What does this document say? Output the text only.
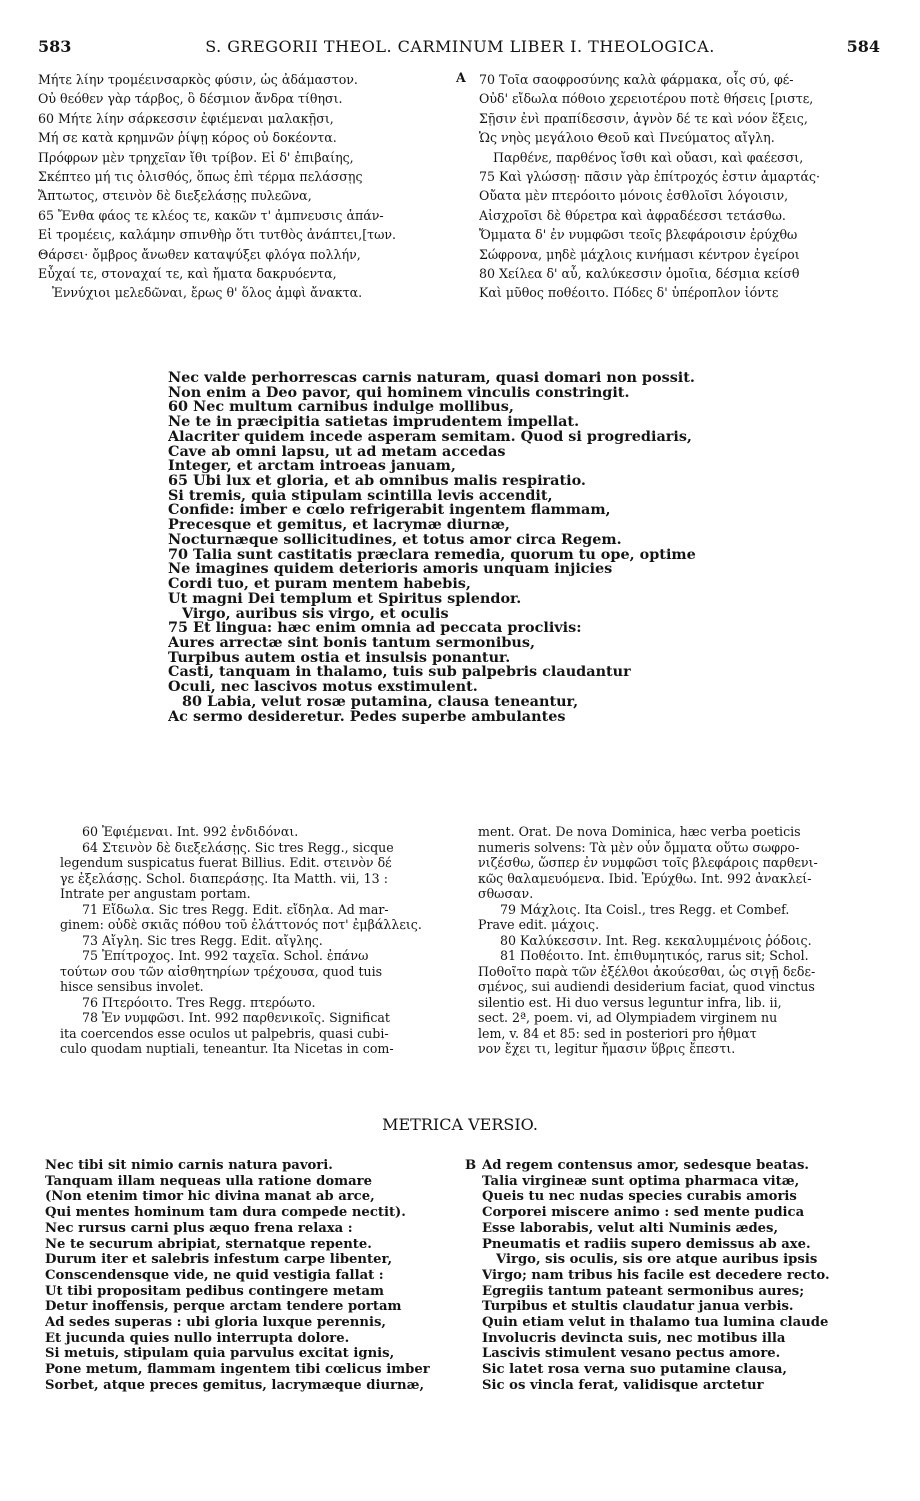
583	S. GREGORII THEOL. CARMINUM LIBER I. THEOLOGICA.	584
Μήτε λίην τρομέεινσαρκὸς φύσιν, ὡς ἀδάμαστον.
Οὐ θεόθεν γὰρ τάρβος, ὃ δέσμιον ἄνδρα τίθησι.
60 Μήτε λίην σάρκεσσιν ἐφιέμεναι μαλακῇσι,
Μή σε κατὰ κρημνῶν ῥίψῃ κόρος οὐ δοκέοντα.
Πρόφρων μὲν τρηχεῖαν ἴθι τρίβον. Εἰ δ' ἐπιβαίης,
Σκέπτεο μή τις ὀλισθός, ὅπως ἐπὶ τέρμα πελάσσῃς
Ἄπτωτος, στεινὸν δὲ διεξελάσῃς πυλεῶνα,
65 Ἔνθα φάος τε κλέος τε, κακῶν τ' ἀμπνευσις ἁπάν-
Εἰ τρομέεις, καλάμην σπινθὴρ ὅτι τυτθὸς ἀνάπτει,[των.
Θάρσει· ὄμβρος ἄνωθεν καταψύξει φλόγα πολλήν,
Εὖχαί τε, στοναχαί τε, καὶ ἤματα δακρυόεντα,
Ἐννύχιοι μελεδῶναι, ἔρως θ' ὅλος ἀμφὶ ἄνακτα.
A 70 Τοῖα σαοφροσύνης καλὰ φάρμακα, οἷς σύ, φέ-
Οὐδ' εἴδωλα πόθοιο χερειοτέρου ποτὲ θήσεις [ριστε,
Σῇσιν ἐνὶ πραπίδεσσιν, ἁγνὸν δέ τε καὶ νόον ἕξεις,
Ὡς νηὸς μεγάλοιο Θεοῦ καὶ Πνεύματος αἴγλη.
Παρθένε, παρθένος ἴσθι καὶ οὔασι, καὶ φαέεσσι,
75 Καὶ γλώσσῃ· πᾶσιν γὰρ ἐπίτροχός ἐστιν ἁμαρτάς·
Οὔατα μὲν πτερόοιτο μόνοις ἐσθλοῖσι λόγοισιν,
Αἰσχροῖσι δὲ θύρετρα καὶ ἀφραδέεσσι τετάσθω.
Ὄμματα δ' ἐν νυμφῶσι τεοῖς βλεφάροισιν ἐρύχθω
Σώφρονα, μηδὲ μάχλοις κινήμασι κέντρον ἐγείροι
80 Χείλεα δ' αὖ, καλύκεσσιν ὁμοῖια, δέσμια κείσθ
Καὶ μῦθος ποθέοιτο. Πόδες δ' ὑπέροπλον ἰόντε
Nec valde perhorrescas carnis naturam, quasi domari non possit.
Non enim a Deo pavor, qui hominem vinculis constringit.
60 Nec multum carnibus indulge mollibus,
Ne te in præcipitia satietas imprudentem impellat.
Alacriter quidem incede asperam semitam. Quod si progrediaris,
Cave ab omni lapsu, ut ad metam accedas
Integer, et arctam introeas januam,
65 Ubi lux et gloria, et ab omnibus malis respiratio.
Si tremis, quia stipulam scintilla levis accendit,
Confide: imber e cœlo refrigerabit ingentem flammam,
Precesque et gemitus, et lacrymæ diurnæ,
Nocturnæque sollicitudines, et totus amor circa Regem.
70 Talia sunt castitatis præclara remedia, quorum tu ope, optime
Ne imagines quidem deterioris amoris unquam injicies
Cordi tuo, et puram mentem habebis,
Ut magni Dei templum et Spiritus splendor.
Virgo, auribus sis virgo, et oculis
75 Et lingua: hæc enim omnia ad peccata proclivis:
Aures arrectæ sint bonis tantum sermonibus,
Turpibus autem ostia et insulsis ponantur.
Casti, tanquam in thalamo, tuis sub palpebris claudantur
Oculi, nec lascivos motus exstimulent.
80 Labia, velut rosæ putamina, clausa teneantur,
Ac sermo desideretur. Pedes superbe ambulantes
60 Ἐφιέμεναι. Int. 992 ἐνδιδόναι.
64 Στεινὸν δὲ διεξελάσῃς. Sic tres Regg., sicque
legendum suspicatus fuerat Billius. Edit. στεινὸν δέ
γε ἐξελάσῃς. Schol. διαπεράσῃς. Ita Matth. vii, 13 :
Intrate per angustam portam.
71 Εἴδωλα. Sic tres Regg. Edit. εἴδηλα. Ad mar-
ginem: οὐδὲ σκιᾶς πόθου τοῦ ἐλάττονός ποτ' ἐμβάλλεις.
73 Αἴγλη. Sic tres Regg. Edit. αἴγλης.
75 Ἐπίτροχος. Int. 992 ταχεῖα. Schol. ἐπάνω
τούτων σου τῶν αἰσθητηρίων τρέχουσα, quod tuis
hisce sensibus involet.
76 Πτερόοιτο. Tres Regg. πτερόωτο.
78 Ἐν νυμφῶσι. Int. 992 παρθενικοῖς. Significat
ita coercendos esse oculos ut palpebris, quasi cubi-
culo quodam nuptiali, teneantur. Ita Nicetas in com-
ment. Orat. De nova Dominica, hæc verba poeticis
numeris solvens: Τὰ μὲν οὖν ὄμματα οὕτω σωφρο-
νιζέσθω, ὥσπερ ἐν νυμφῶσι τοῖς βλεφάροις παρθενι-
κῶς θαλαμευόμενα. Ibid. Ἐρύχθω. Int. 992 ἀνακλεί-
σθωσαν.
79 Μάχλοις. Ita Coisl., tres Regg. et Combef.
Prave edit. μάχοις.
80 Καλύκεσσιν. Int. Reg. κεκαλυμμένοις ῥόδοις.
81 Ποθέοιτο. Int. ἐπιθυμητικός, rarus sit; Schol.
Ποθοῖτο παρὰ τῶν ἐξέλθοι ἀκούεσθαι, ὡς σιγῇ δεδε-
σμένος, sui audiendi desiderium faciat, quod vinctus
silentio est. Hi duo versus leguntur infra, lib. ii,
sect. 2ª, poem. vi, ad Olympiadem virginem nu
lem, v. 84 et 85: sed in posteriori pro ἦθματ
νον ἔχει τι, legitur ἤμασιν ὕβρις ἔπεστι.
METRICA VERSIO.
Nec tibi sit nimio carnis natura pavori.
Tanquam illam nequeas ulla ratione domare
(Non etenim timor hic divina manat ab arce,
Qui mentes hominum tam dura compede nectit).
Nec rursus carni plus æquo frena relaxa :
Ne te securum abripiat, sternatque repente.
Durum iter et salebris infestum carpe libenter,
Conscendensque vide, ne quid vestigia fallat :
Ut tibi propositam pedibus contingere metam
Detur inoffensis, perque arctam tendere portam
Ad sedes superas : ubi gloria luxque perennis,
Et jucunda quies nullo interrupta dolore.
Si metuis, stipulam quia parvulus excitat ignis,
Pone metum, flammam ingentem tibi cœlicus imber
Sorbet, atque preces gemitus, lacrymæque diurnæ,
B Ad regem contensus amor, sedesque beatas.
Talia virgineæ sunt optima pharmaca vitæ,
Queis tu nec nudas species curabis amoris
Corporei miscere animo : sed mente pudica
Esse laborabis, velut alti Numinis ædes,
Pneumatis et radiis supero demissus ab axe.
Virgo, sis oculis, sis ore atque auribus ipsis
Virgo; nam tribus his facile est decedere recto.
Egregiis tantum pateant sermonibus aures;
Turpibus et stultis claudatur janua verbis.
Quin etiam velut in thalamo tua lumina claude
Involucris devincta suis, nec motibus illa
Lascivis stimulent vesano pectus amore.
Sic latet rosa verna suo putamine clausa,
Sic os vincla ferat, validisque arctetur
